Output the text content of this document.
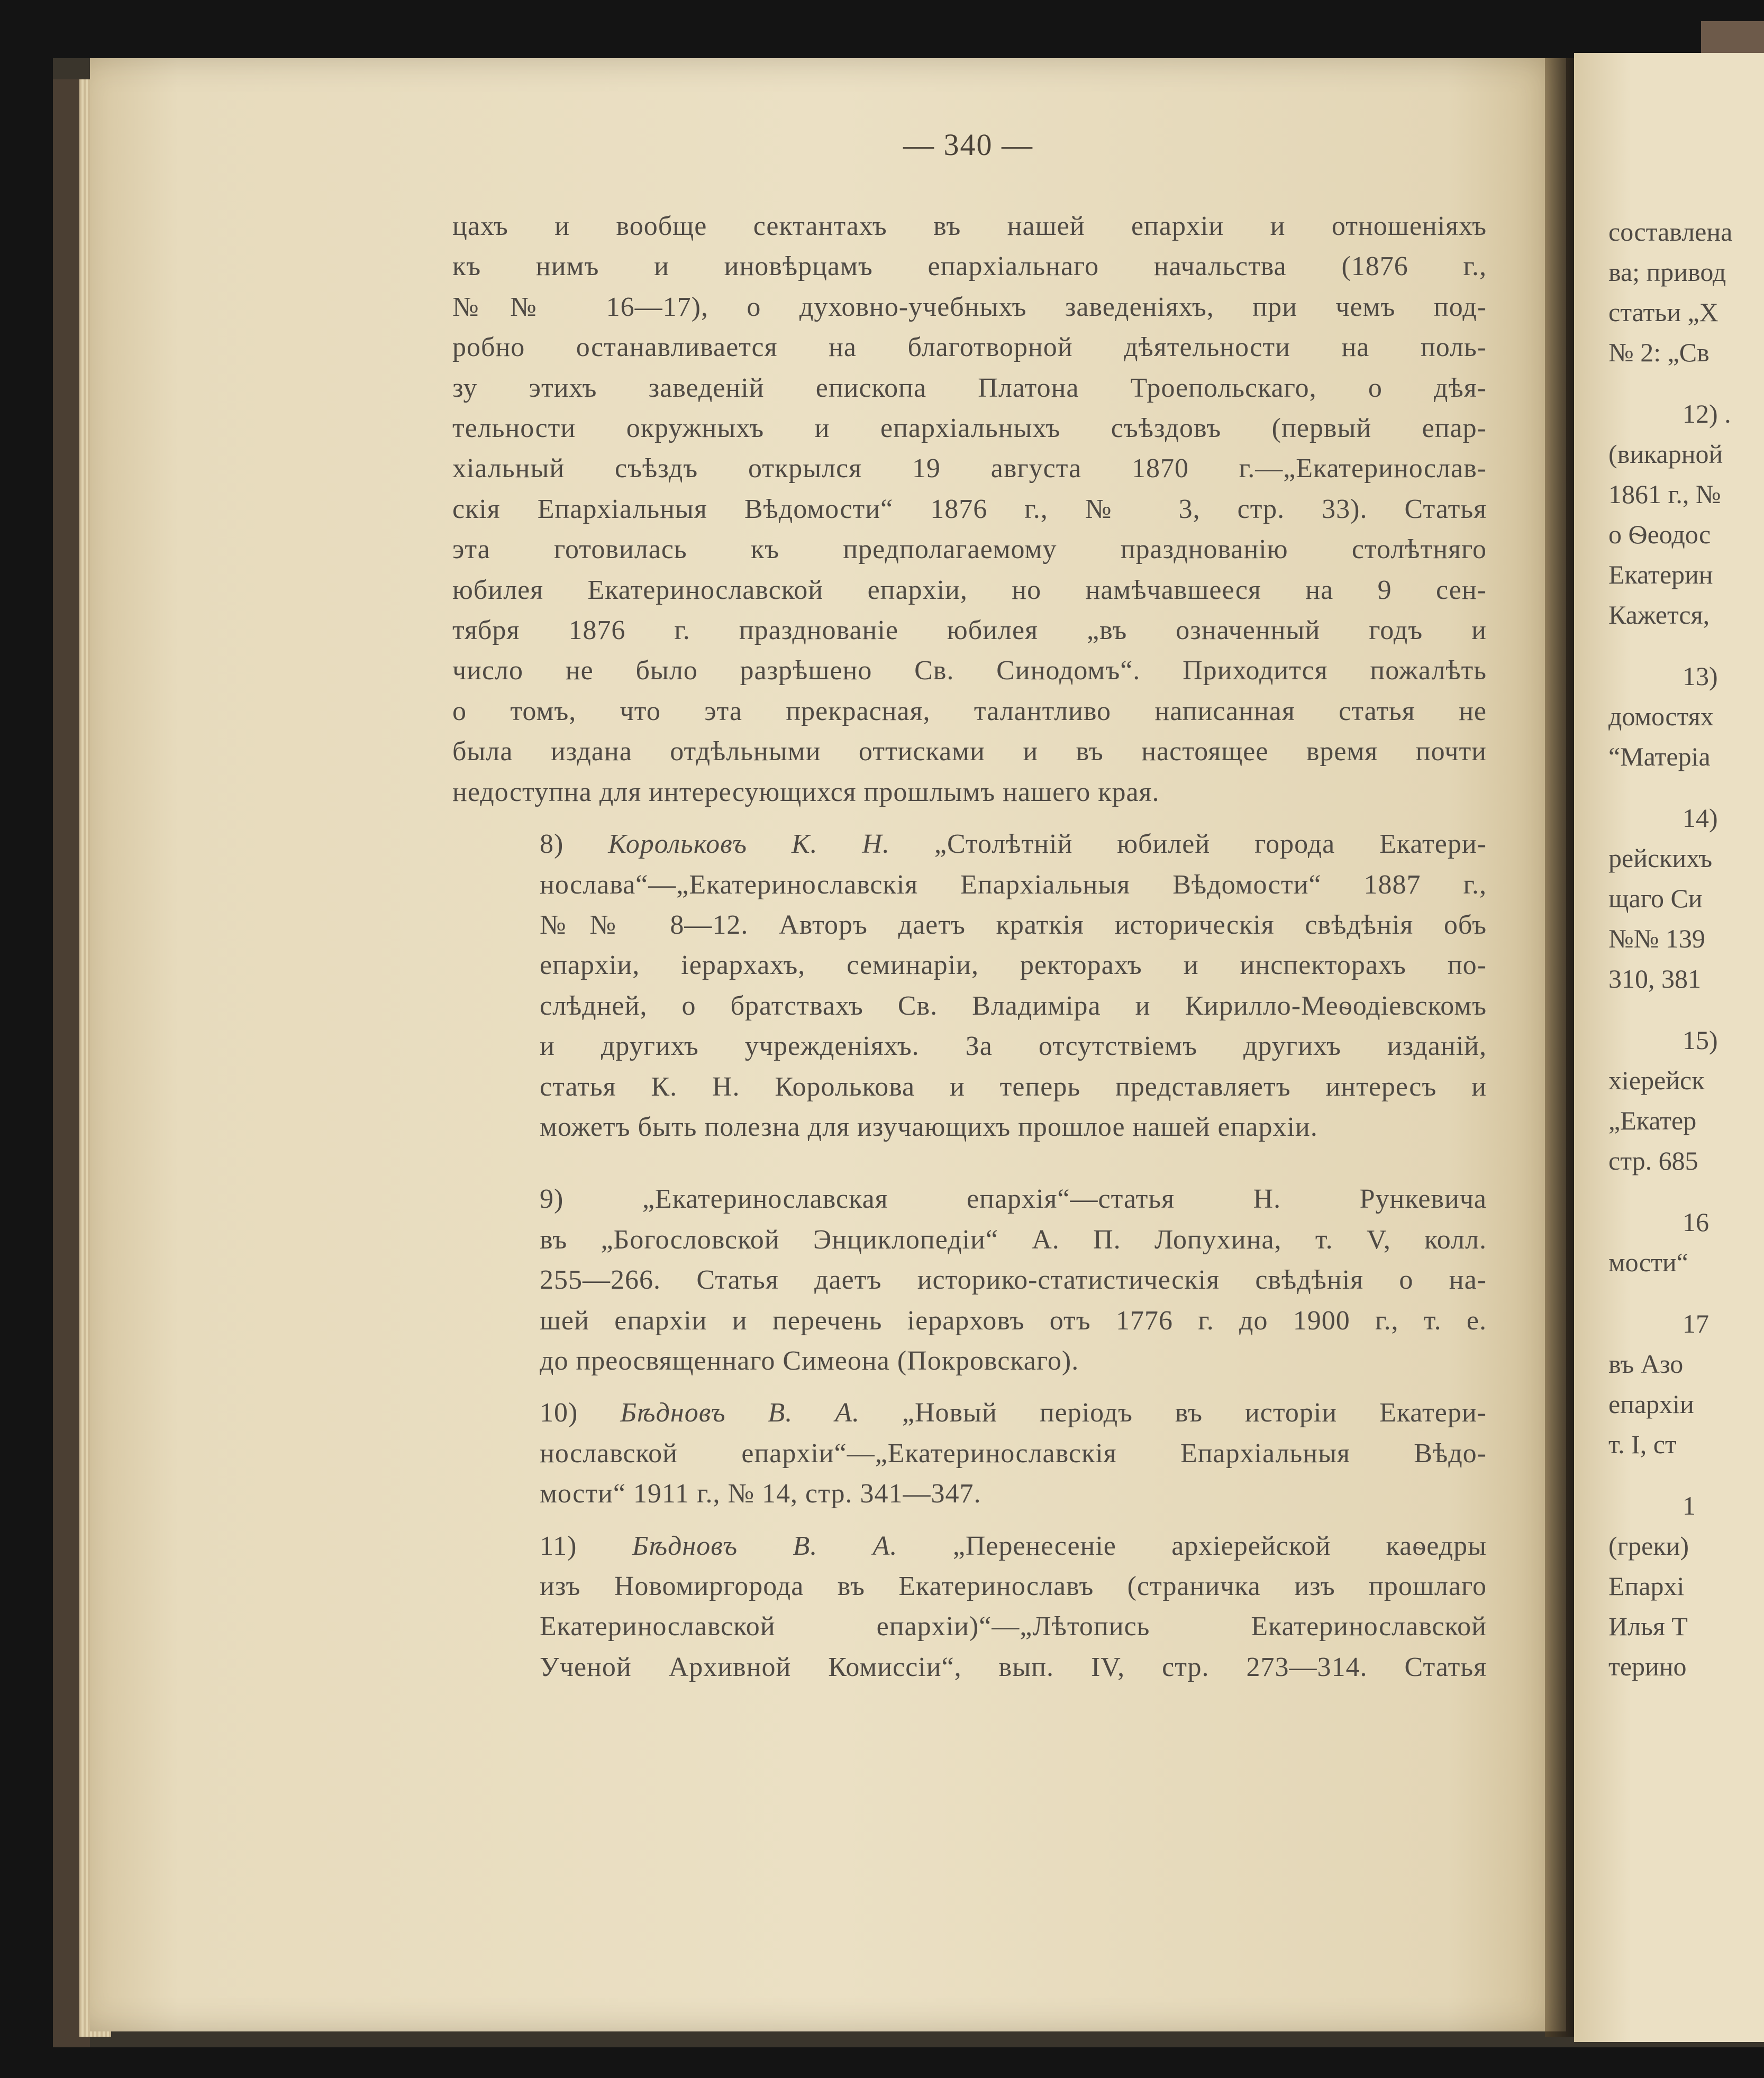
— 340 —

цахъ и вообще сектантахъ въ нашей епархіи и отношеніяхъ
къ нимъ и иновѣрцамъ епархіальнаго начальства (1876 г.,
№№ 16—17), о духовно-учебныхъ заведеніяхъ, при чемъ под-
робно останавливается на благотворной дѣятельности на поль-
зу этихъ заведеній епископа Платона Троепольскаго, о дѣя-
тельности окружныхъ и епархіальныхъ съѣздовъ (первый епар-
хіальный съѣздъ открылся 19 августа 1870 г.—„Екатеринослав-
скія Епархіальныя Вѣдомости“ 1876 г., № 3, стр. 33). Статья
эта готовилась къ предполагаемому празднованію столѣтняго
юбилея Екатеринославской епархіи, но намѣчавшееся на 9 сен-
тября 1876 г. празднованіе юбилея „въ означенный годъ и
число не было разрѣшено Св. Синодомъ“. Приходится пожалѣть
о томъ, что эта прекрасная, талантливо написанная статья не
была издана отдѣльными оттисками и въ настоящее время почти
недоступна для интересующихся прошлымъ нашего края.

8) Корольковъ К. Н. „Столѣтній юбилей города Екатери-
нослава“—„Екатеринославскія Епархіальныя Вѣдомости“ 1887 г.,
№№ 8—12. Авторъ даетъ краткія историческія свѣдѣнія объ
епархіи, іерархахъ, семинаріи, ректорахъ и инспекторахъ по-
слѣдней, о братствахъ Св. Владиміра и Кирилло-Меѳодіевскомъ
и другихъ учрежденіяхъ. За отсутствіемъ другихъ изданій,
статья К. Н. Королькова и теперь представляетъ интересъ и
можетъ быть полезна для изучающихъ прошлое нашей епархіи.

9)	„Екатеринославская епархія“—статья Н. Рункевича
въ „Богословской Энциклопедіи“ А. П. Лопухина, т. V, колл.
255—266. Статья даетъ историко-статистическія свѣдѣнія о на-
шей епархіи и перечень іерарховъ отъ 1776 г. до 1900 г., т. е.
до преосвященнаго Симеона (Покровскаго).

10) Бѣдновъ В. А. „Новый періодъ въ исторіи Екатери-
нославской епархіи“—„Екатеринославскія Епархіальныя Вѣдо-
мости“ 1911 г., № 14, стр. 341—347.

11) Бѣдновъ В. А. „Перенесеніе архіерейской каѳедры
изъ Новомиргорода въ Екатеринославъ (страничка изъ прошлаго
Екатеринославской епархіи)“—„Лѣтопись Екатеринославской
Ученой Архивной Комиссіи“, вып. IV, стр. 273—314. Статья

составлена
ва; привод
статьи „Х
№ 2: „Св
12) .
(викарной
1861 г., №
о Ѳеодос
Екатерин
Кажется,
13)
домостях
“Матеріа
14)
рейскихъ
щаго Си
№№ 139
310, 381
15)
хіерейск
„Екатер
стр. 685
16
мости“
17
въ Азо
епархіи
т. I, ст
1
(греки)
Епархі
Илья Т
терино
